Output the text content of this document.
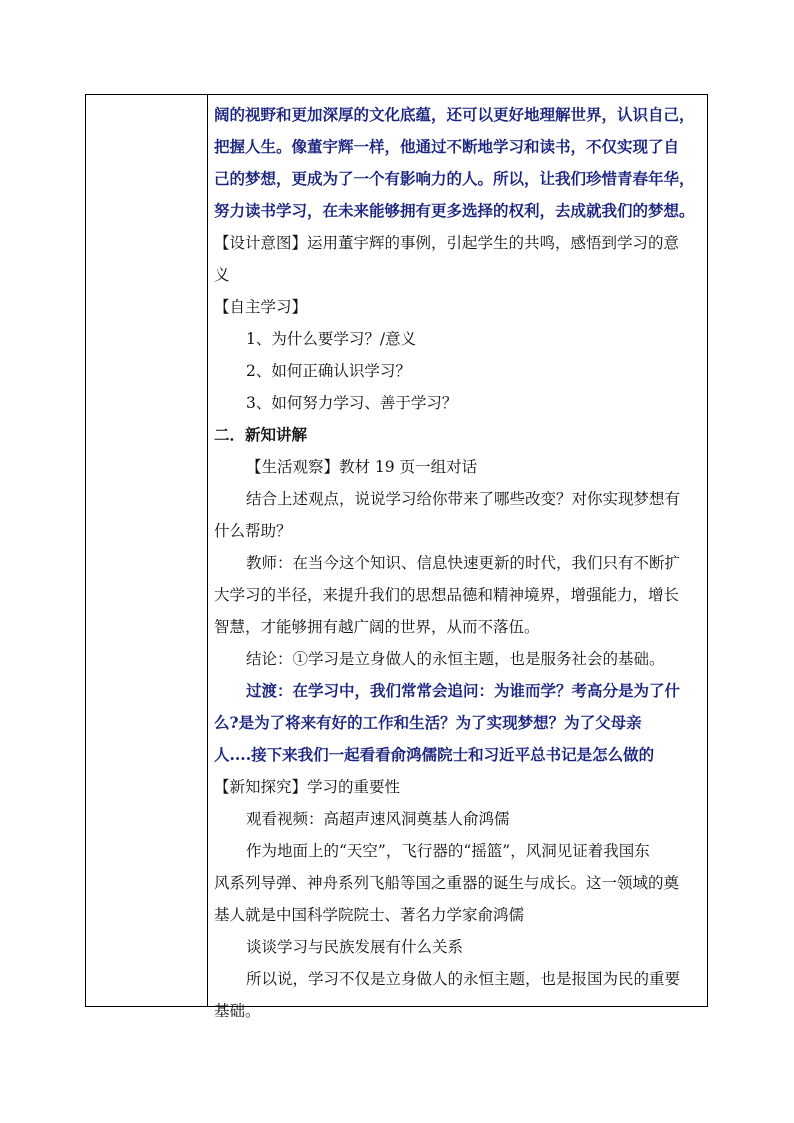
阔的视野和更加深厚的文化底蕴，还可以更好地理解世界，认识自己，
把握人生。像董宇辉一样，他通过不断地学习和读书，不仅实现了自
己的梦想，更成为了一个有影响力的人。所以，让我们珍惜青春年华，
努力读书学习，在未来能够拥有更多选择的权利，去成就我们的梦想。
【设计意图】运用董宇辉的事例，引起学生的共鸣，感悟到学习的意
义
【自主学习】
1、为什么要学习？/意义
2、如何正确认识学习？
3、如何努力学习、善于学习？
二．新知讲解
【生活观察】教材 19 页一组对话
结合上述观点，说说学习给你带来了哪些改变？对你实现梦想有
什么帮助？
教师：在当今这个知识、信息快速更新的时代，我们只有不断扩
大学习的半径，来提升我们的思想品德和精神境界，增强能力，增长
智慧，才能够拥有越广阔的世界，从而不落伍。
结论：①学习是立身做人的永恒主题，也是服务社会的基础。
过渡：在学习中，我们常常会追问：为谁而学？考高分是为了什
么?是为了将来有好的工作和生活？为了实现梦想？为了父母亲
人....接下来我们一起看看俞鸿儒院士和习近平总书记是怎么做的
【新知探究】学习的重要性
观看视频：高超声速风洞奠基人俞鸿儒
作为地面上的“天空”，飞行器的“摇篮”，风洞见证着我国东
风系列导弹、神舟系列飞船等国之重器的诞生与成长。这一领域的奠
基人就是中国科学院院士、著名力学家俞鸿儒
谈谈学习与民族发展有什么关系
所以说，学习不仅是立身做人的永恒主题，也是报国为民的重要
基础。
